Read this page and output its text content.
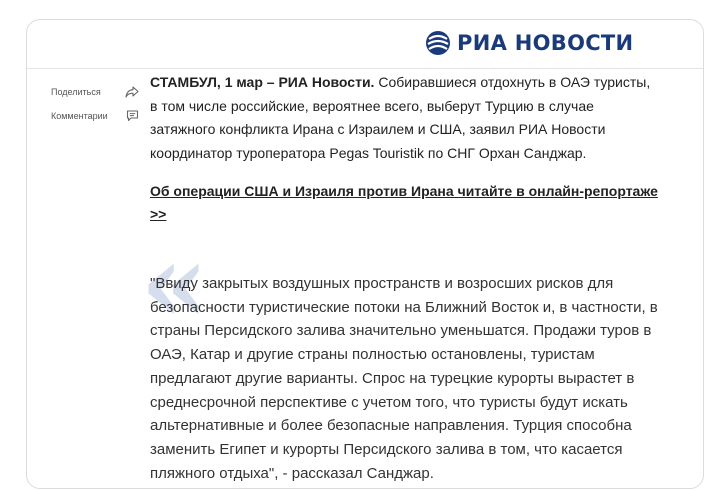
РИА НОВОСТИ
Поделиться
Комментарии

СТАМБУЛ, 1 мар – РИА Новости. Собиравшиеся отдохнуть в ОАЭ туристы, в том числе российские, вероятнее всего, выберут Турцию в случае затяжного конфликта Ирана с Израилем и США, заявил РИА Новости координатор туроператора Pegas Touristik по СНГ Орхан Санджар.

Об операции США и Израиля против Ирана читайте в онлайн-репортаже >>
«

"Ввиду закрытых воздушных пространств и возросших рисков для безопасности туристические потоки на Ближний Восток и, в частности, в страны Персидского залива значительно уменьшатся. Продажи туров в ОАЭ, Катар и другие страны полностью остановлены, туристам предлагают другие варианты. Спрос на турецкие курорты вырастет в среднесрочной перспективе с учетом того, что туристы будут искать альтернативные и более безопасные направления. Турция способна заменить Египет и курорты Персидского залива в том, что касается пляжного отдыха", - рассказал Санджар.
